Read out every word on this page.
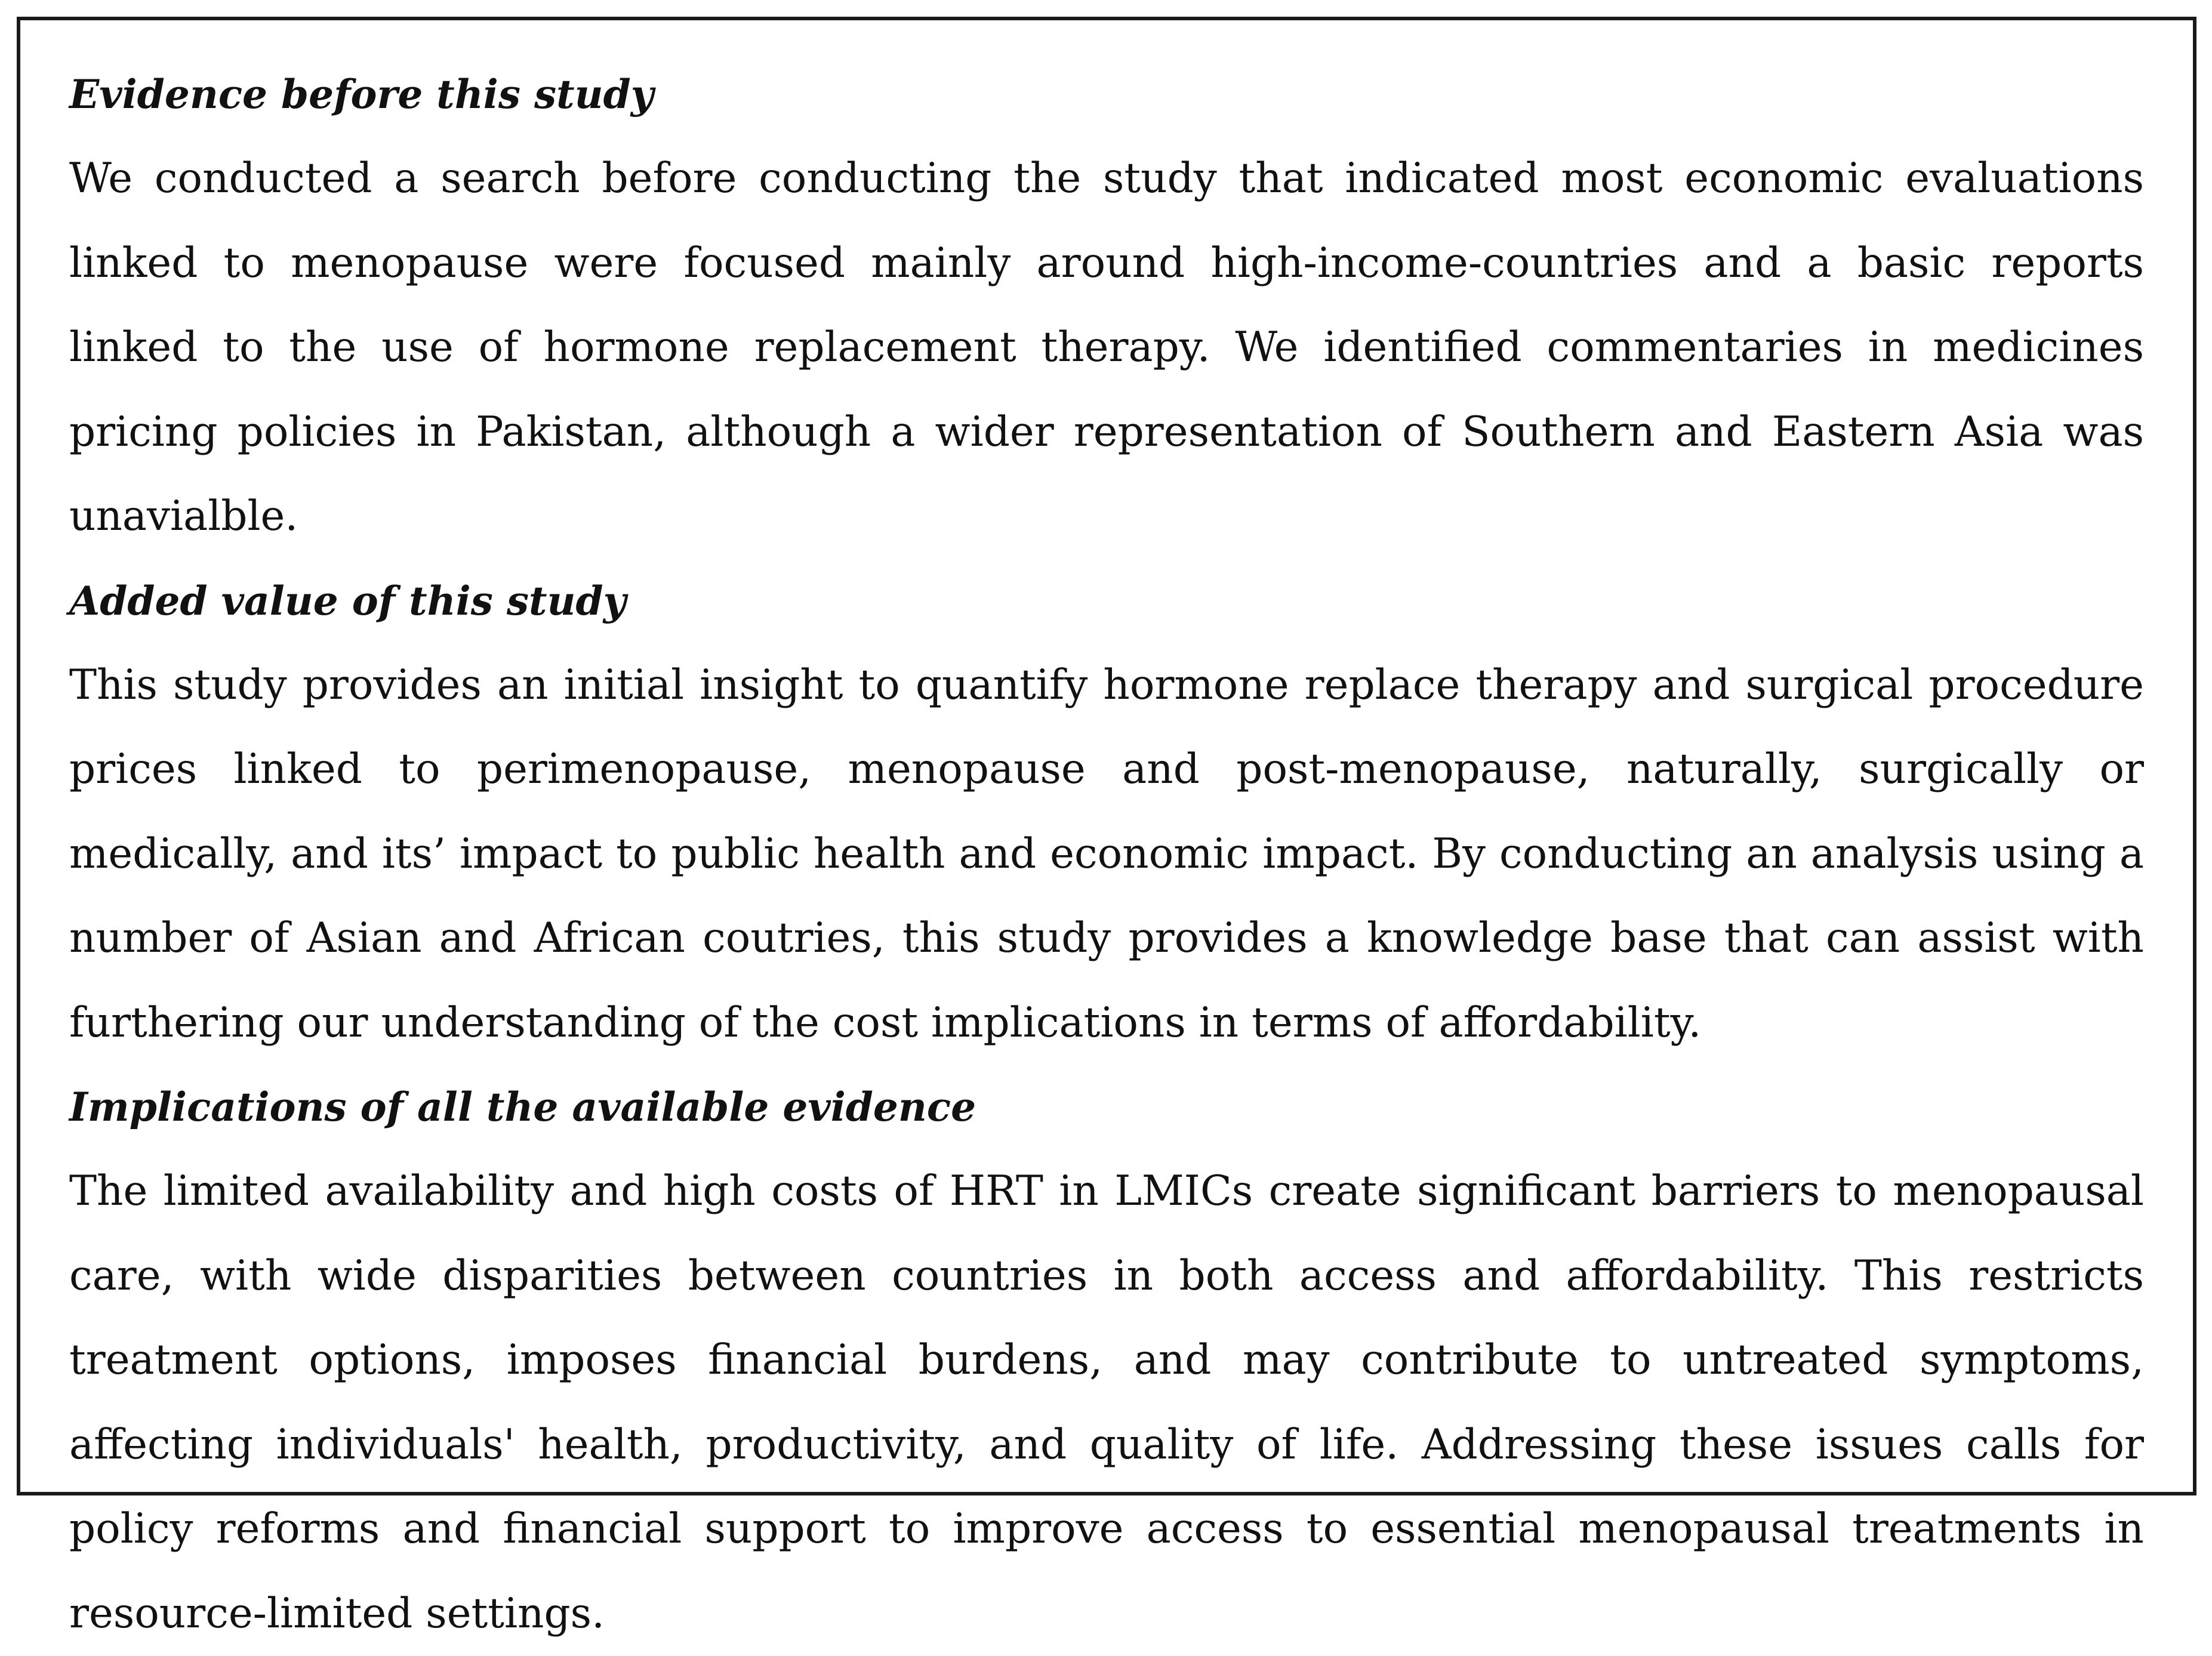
Evidence before this study

We conducted a search before conducting the study that indicated most economic evaluations linked to menopause were focused mainly around high-income-countries and a basic reports linked to the use of hormone replacement therapy. We identified commentaries in medicines pricing policies in Pakistan, although a wider representation of Southern and Eastern Asia was unavialble.

Added value of this study

This study provides an initial insight to quantify hormone replace therapy and surgical procedure prices linked to perimenopause, menopause and post-menopause, naturally, surgically or medically, and its’ impact to public health and economic impact. By conducting an analysis using a number of Asian and African coutries, this study provides a knowledge base that can assist with furthering our understanding of the cost implications in terms of affordability.

Implications of all the available evidence

The limited availability and high costs of HRT in LMICs create significant barriers to menopausal care, with wide disparities between countries in both access and affordability. This restricts treatment options, imposes financial burdens, and may contribute to untreated symptoms, affecting individuals' health, productivity, and quality of life. Addressing these issues calls for policy reforms and financial support to improve access to essential menopausal treatments in resource-limited settings.
